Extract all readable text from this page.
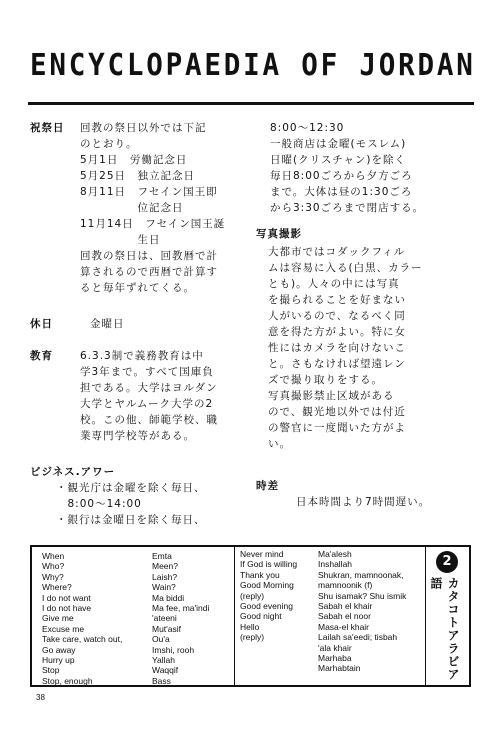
ENCYCLOPAEDIA OF JORDAN
祝祭日 回教の祭日以外では下記
のとおり。
5月1日　労働記念日
5月25日　独立記念日
8月11日　フセイン国王即
　　　　　位記念日
11月14日　フセイン国王誕
　　　　　生日
回教の祭日は、回教暦で計
算されるので西暦で計算す
ると毎年ずれてくる。
休日	金曜日
教育	6.3.3制で義務教育は中
学3年まで。すべて国庫負
担である。大学はヨルダン
大学とヤルムーク大学の2
校。この他、師範学校、職
業専門学校等がある。
ビジネス.アワー
・観光庁は金曜を除く毎日、
　8:00～14:00
・銀行は金曜日を除く毎日、
8:00～12:30
一般商店は金曜(モスレム)
日曜(クリスチャン)を除く
毎日8:00ごろから夕方ごろ
まで。大体は昼の1:30ごろ
から3:30ごろまで閉店する。
写真撮影
大都市ではコダックフィル
ムは容易に入る(白黒、カラー
とも)。人々の中には写真
を撮られることを好まない
人がいるので、なるべく同
意を得た方がよい。特に女
性にはカメラを向けないこ
と。さもなければ望遠レン
ズで撮り取りをする。
写真撮影禁止区域がある
ので、観光地以外では付近
の警官に一度聞いた方がよ
い。
時差
日本時間より7時間遅い。
When
Who?
Why?
Where?
I do not want
I do not have
Give me
Excuse me
Take care, watch out,
Go away
Hurry up
Stop
Stop, enough
Emta
Meen?
Laish?
Wain?
Ma biddi
Ma fee, ma'indi
'ateeni
Mut'asif
Ou'a
Imshi, rooh
Yallah
Waqqif
Bass
Never mind
If God is willing
Thank you
Good Morning
(reply)
Good evening
Good night
Hello
(reply)
Ma'alesh
Inshallah
Shukran, mamnoonak,
mamnoonik (f)
Shu isamak? Shu ismik
Sabah el khair
Sabah el noor
Masa-el khair
Lailah sa'eedi; tisbah
'ala khair
Marhaba
Marhabtain
2
カタコトアラビア語
38
